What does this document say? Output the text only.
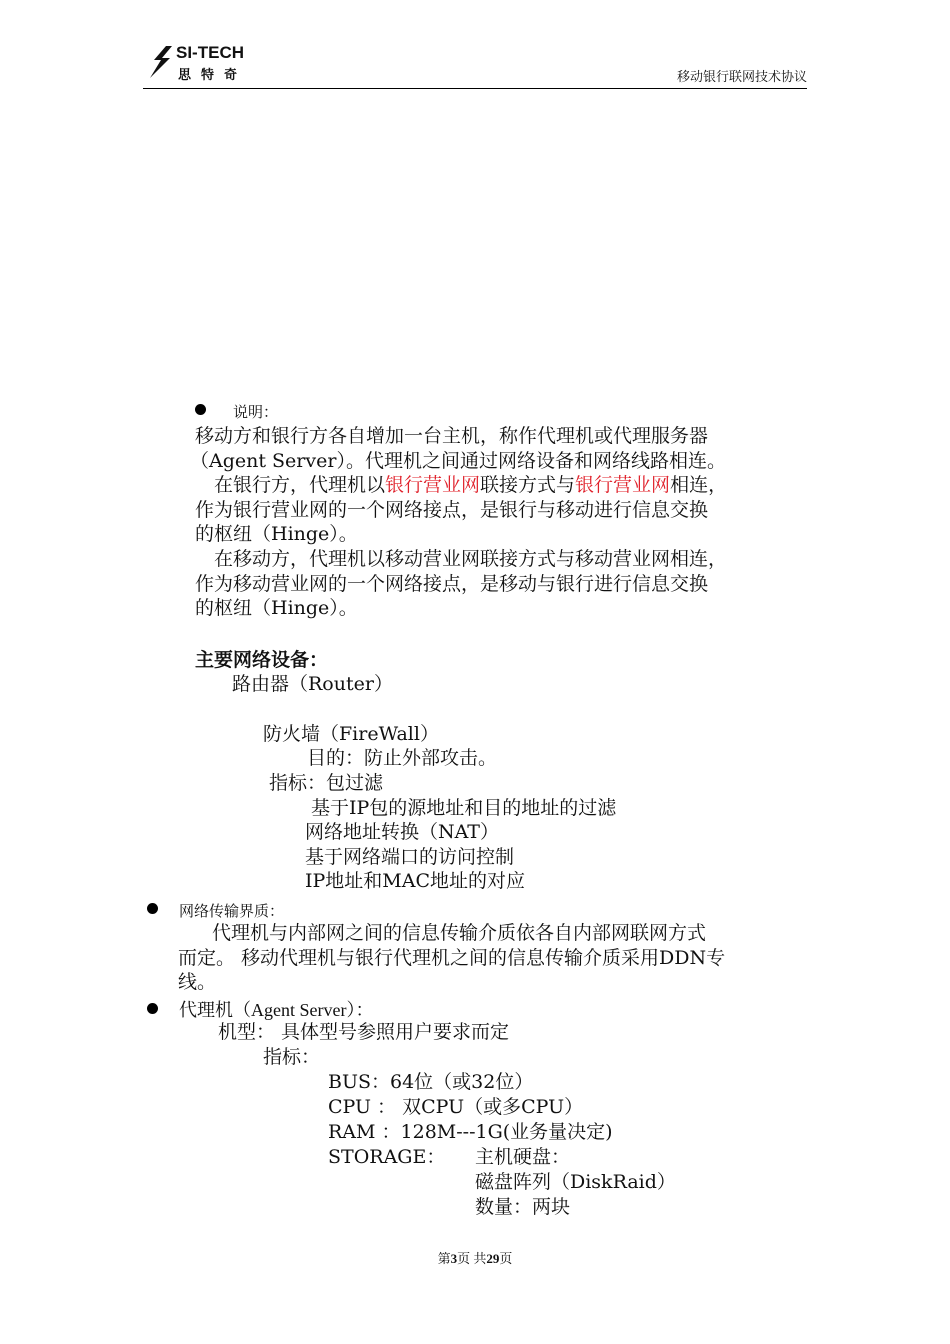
SI-TECH
思特奇	移动银行联网技术协议
说明：
移动方和银行方各自增加一台主机，称作代理机或代理服务器
（Agent Server）。代理机之间通过网络设备和网络线路相连。
在银行方，代理机以银行营业网联接方式与银行营业网相连，
作为银行营业网的一个网络接点，是银行与移动进行信息交换
的枢纽（Hinge）。
在移动方，代理机以移动营业网联接方式与移动营业网相连，
作为移动营业网的一个网络接点，是移动与银行进行信息交换
的枢纽（Hinge）。
主要网络设备：
路由器（Router）
防火墙（FireWall）
目的：防止外部攻击。
指标：包过滤
基于IP包的源地址和目的地址的过滤
网络地址转换（NAT）
基于网络端口的访问控制
IP地址和MAC地址的对应
网络传输界质：
代理机与内部网之间的信息传输介质依各自内部网联网方式
而定。 移动代理机与银行代理机之间的信息传输介质采用DDN专
线。
代理机（Agent Server）：
机型： 具体型号参照用户要求而定
指标：
BUS：64位（或32位）
CPU ： 双CPU（或多CPU）
RAM ：128M---1G(业务量决定)
STORAGE： 主机硬盘：
磁盘阵列（DiskRaid）
数量：两块
第3页 共29页
